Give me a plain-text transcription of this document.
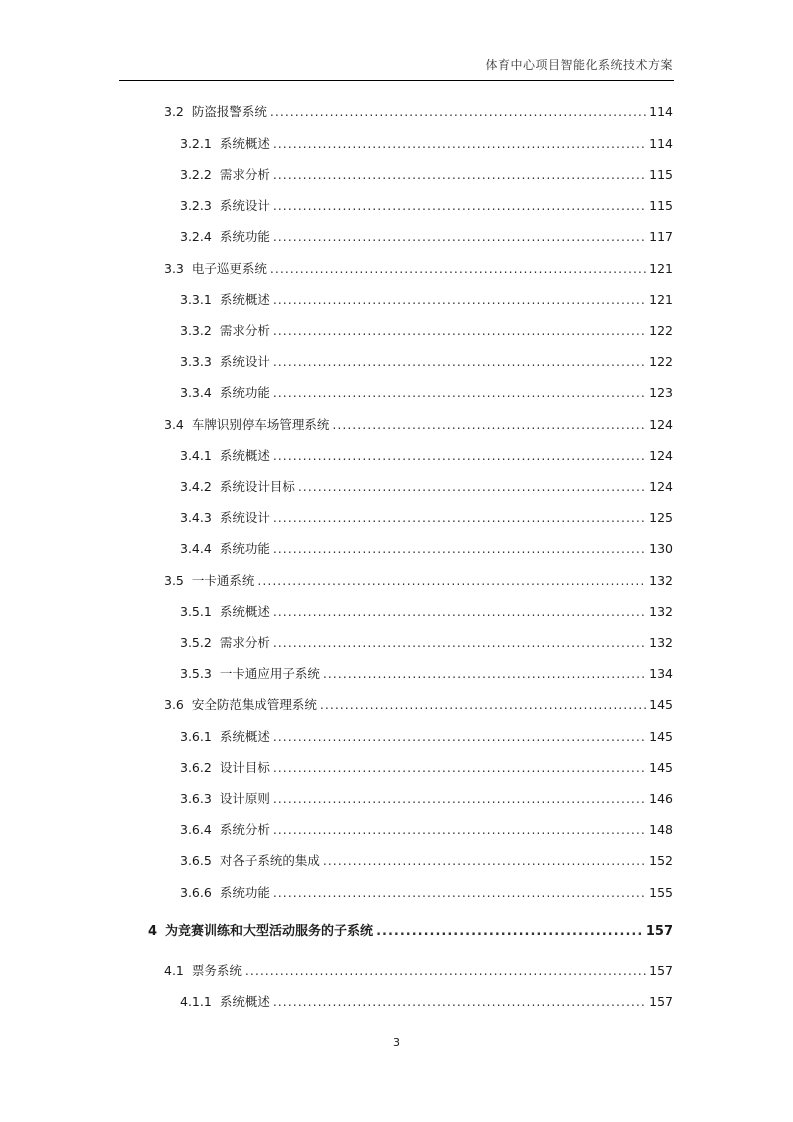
体育中心项目智能化系统技术方案
3.2 防盗报警系统 .....	114
3.2.1 系统概述 .....	114
3.2.2 需求分析 .....	115
3.2.3 系统设计 .....	115
3.2.4 系统功能 .....	117
3.3 电子巡更系统 .....	121
3.3.1 系统概述 .....	121
3.3.2 需求分析 .....	122
3.3.3 系统设计 .....	122
3.3.4 系统功能 .....	123
3.4 车牌识别停车场管理系统 .....	124
3.4.1 系统概述 .....	124
3.4.2 系统设计目标 .....	124
3.4.3 系统设计 .....	125
3.4.4 系统功能 .....	130
3.5 一卡通系统 .....	132
3.5.1 系统概述 .....	132
3.5.2 需求分析 .....	132
3.5.3 一卡通应用子系统 .....	134
3.6 安全防范集成管理系统 .....	145
3.6.1 系统概述 .....	145
3.6.2 设计目标 .....	145
3.6.3 设计原则 .....	146
3.6.4 系统分析 .....	148
3.6.5 对各子系统的集成 .....	152
3.6.6 系统功能 .....	155
4 为竞赛训练和大型活动服务的子系统 .....	157
4.1 票务系统 .....	157
4.1.1 系统概述 .....	157
3
